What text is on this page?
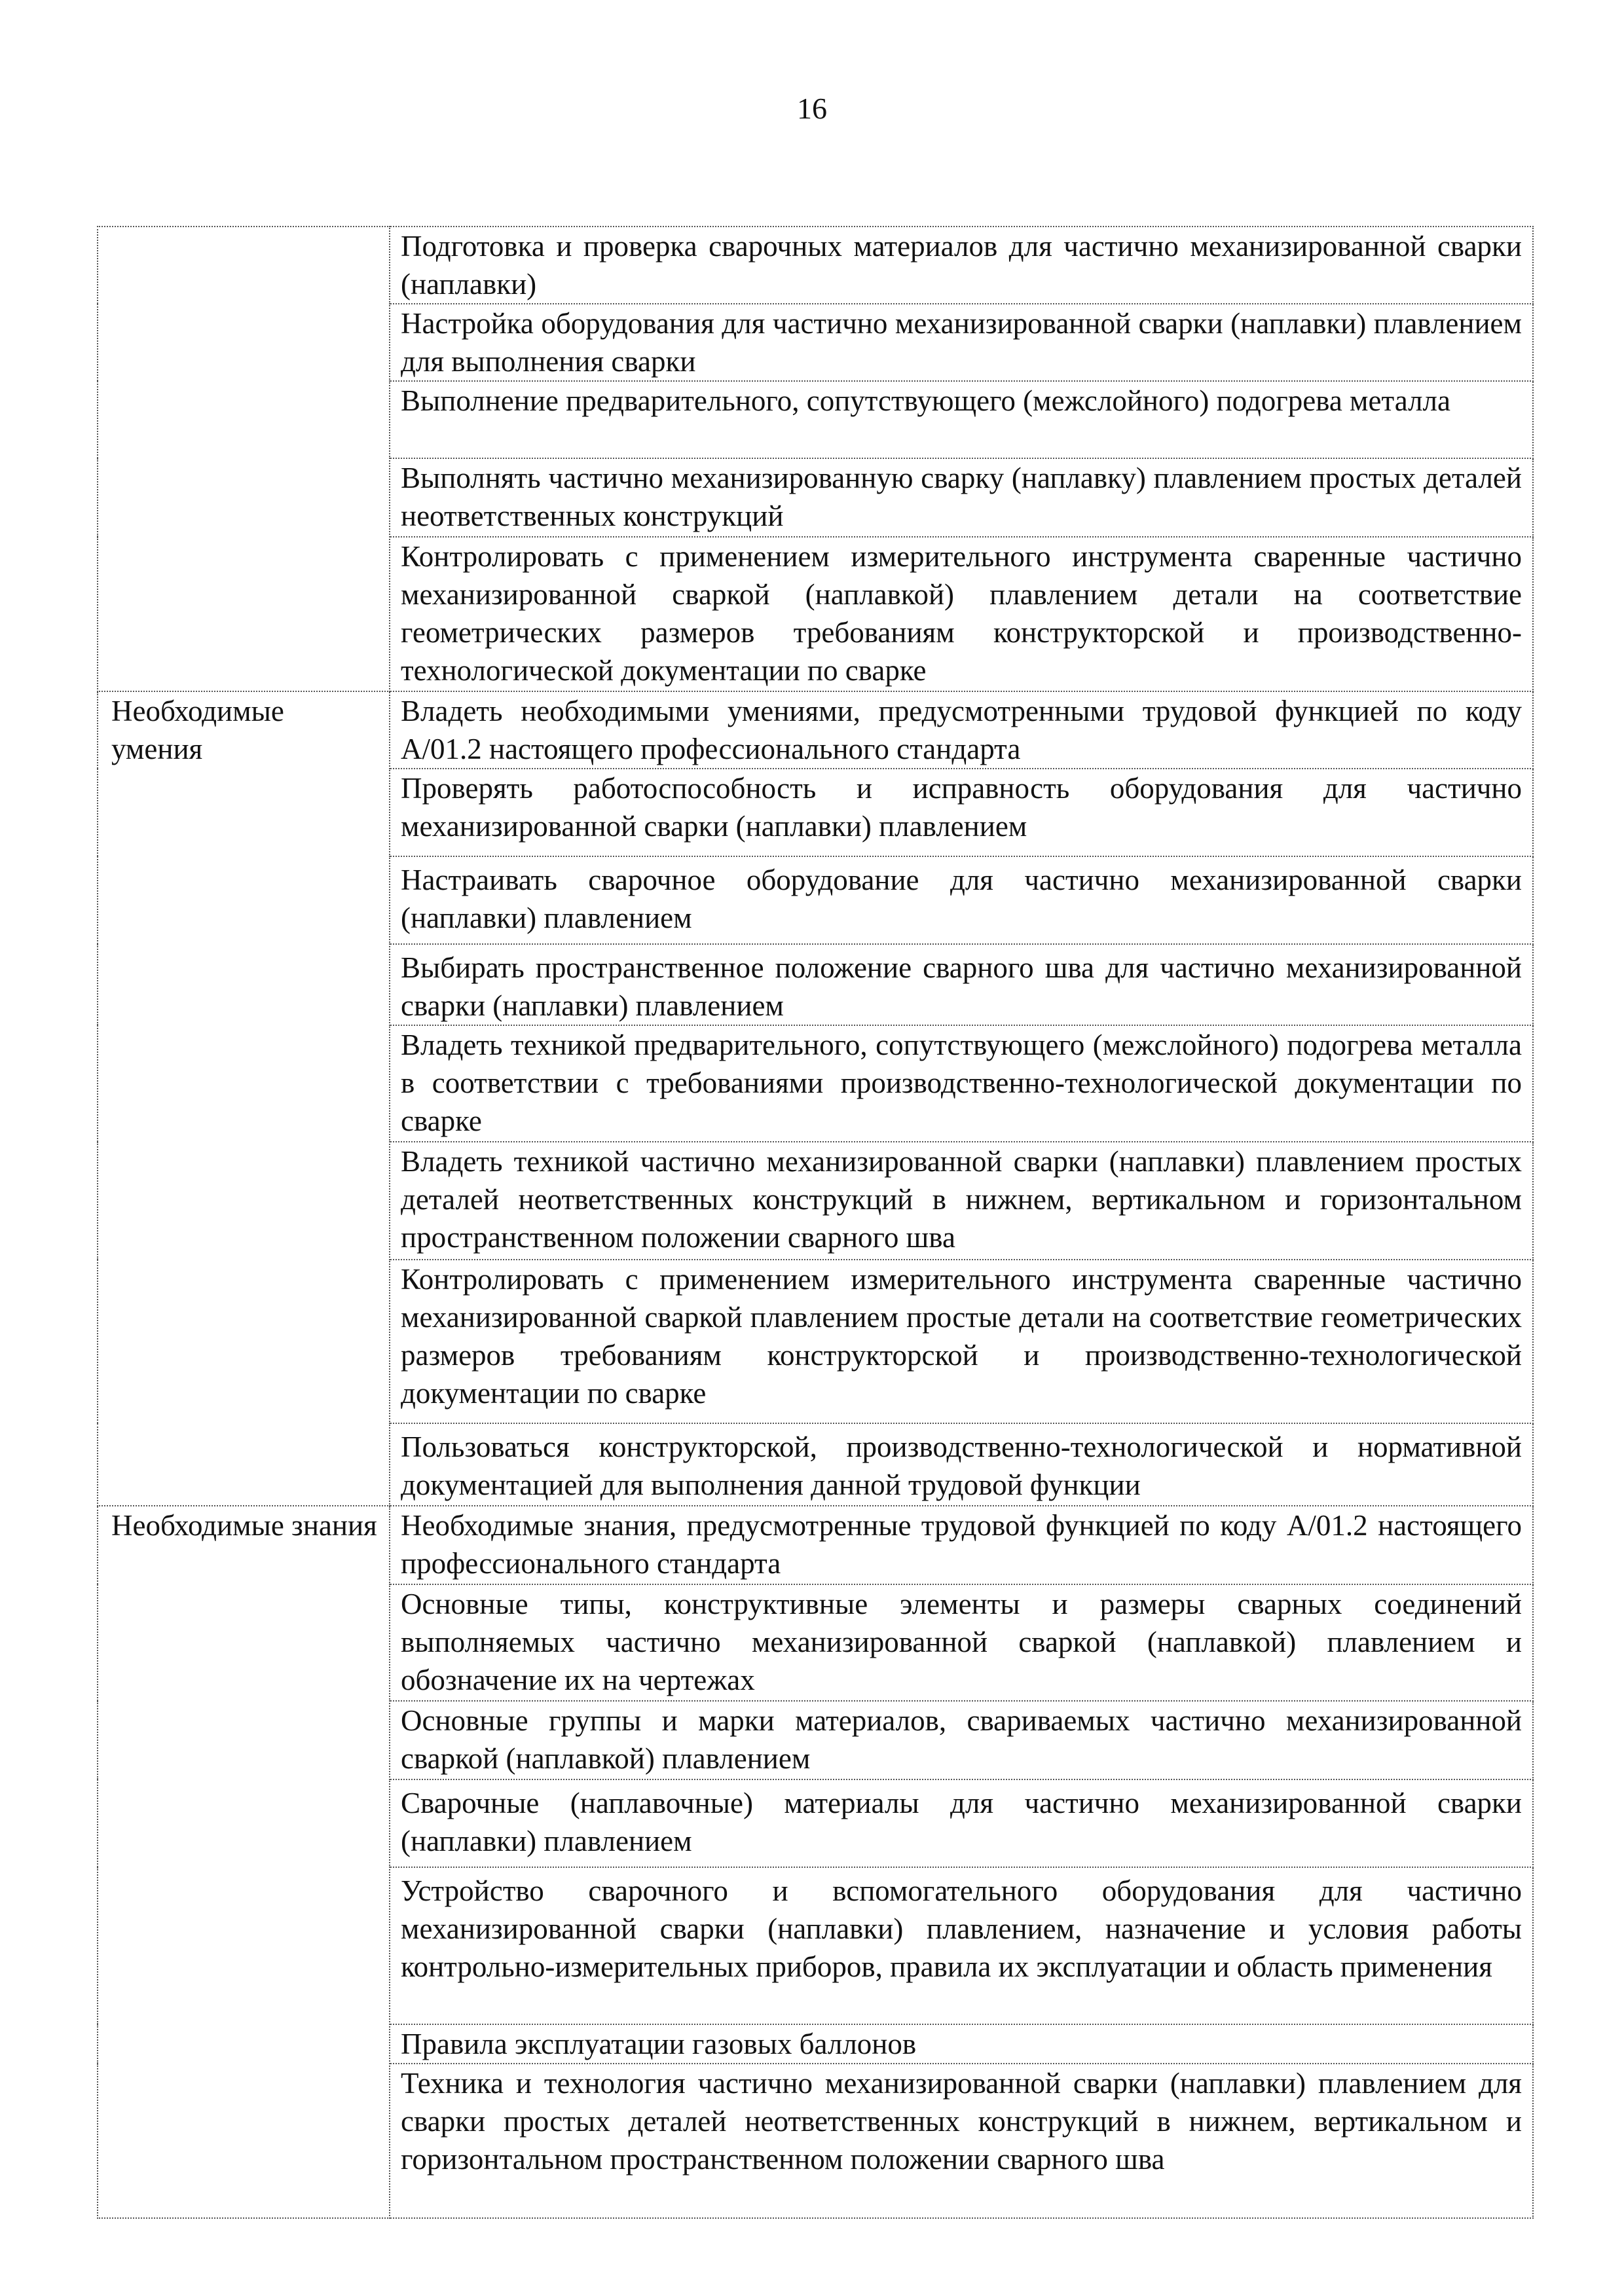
16
	Подготовка и проверка сварочных материалов для частично механизированной сварки (наплавки)
	Настройка оборудования для частично механизированной сварки (наплавки) плавлением для выполнения сварки
	Выполнение предварительного, сопутствующего (межслойного) подогрева металла
	Выполнять частично механизированную сварку (наплавку) плавлением простых деталей неответственных конструкций
	Контролировать с применением измерительного инструмента сваренные частично механизированной сваркой (наплавкой) плавлением детали на соответствие геометрических размеров требованиям конструкторской и производственно-технологической документации по сварке
Необходимые умения	Владеть необходимыми умениями, предусмотренными трудовой функцией по коду A/01.2 настоящего профессионального стандарта
	Проверять работоспособность и исправность оборудования для частично механизированной сварки (наплавки) плавлением
	Настраивать сварочное оборудование для частично механизированной сварки (наплавки) плавлением
	Выбирать пространственное положение сварного шва для частично механизированной сварки (наплавки) плавлением
	Владеть техникой предварительного, сопутствующего (межслойного) подогрева металла в соответствии с требованиями производственно-технологической документации по сварке
	Владеть техникой частично механизированной сварки (наплавки) плавлением простых деталей неответственных конструкций в нижнем, вертикальном и горизонтальном пространственном положении сварного шва
	Контролировать с применением измерительного инструмента сваренные частично механизированной сваркой плавлением простые детали на соответствие геометрических размеров требованиям конструкторской и производственно-технологической документации по сварке
	Пользоваться конструкторской, производственно-технологической и нормативной документацией для выполнения данной трудовой функции
Необходимые знания	Необходимые знания, предусмотренные трудовой функцией по коду A/01.2 настоящего профессионального стандарта
	Основные типы, конструктивные элементы и размеры сварных соединений выполняемых частично механизированной сваркой (наплавкой) плавлением и обозначение их на чертежах
	Основные группы и марки материалов, свариваемых частично механизированной сваркой (наплавкой) плавлением
	Сварочные (наплавочные) материалы для частично механизированной сварки (наплавки) плавлением
	Устройство сварочного и вспомогательного оборудования для частично механизированной сварки (наплавки) плавлением, назначение и условия работы контрольно-измерительных приборов, правила их эксплуатации и область применения
	Правила эксплуатации газовых баллонов
	Техника и технология частично механизированной сварки (наплавки) плавлением для сварки простых деталей неответственных конструкций в нижнем, вертикальном и горизонтальном пространственном положении сварного шва
